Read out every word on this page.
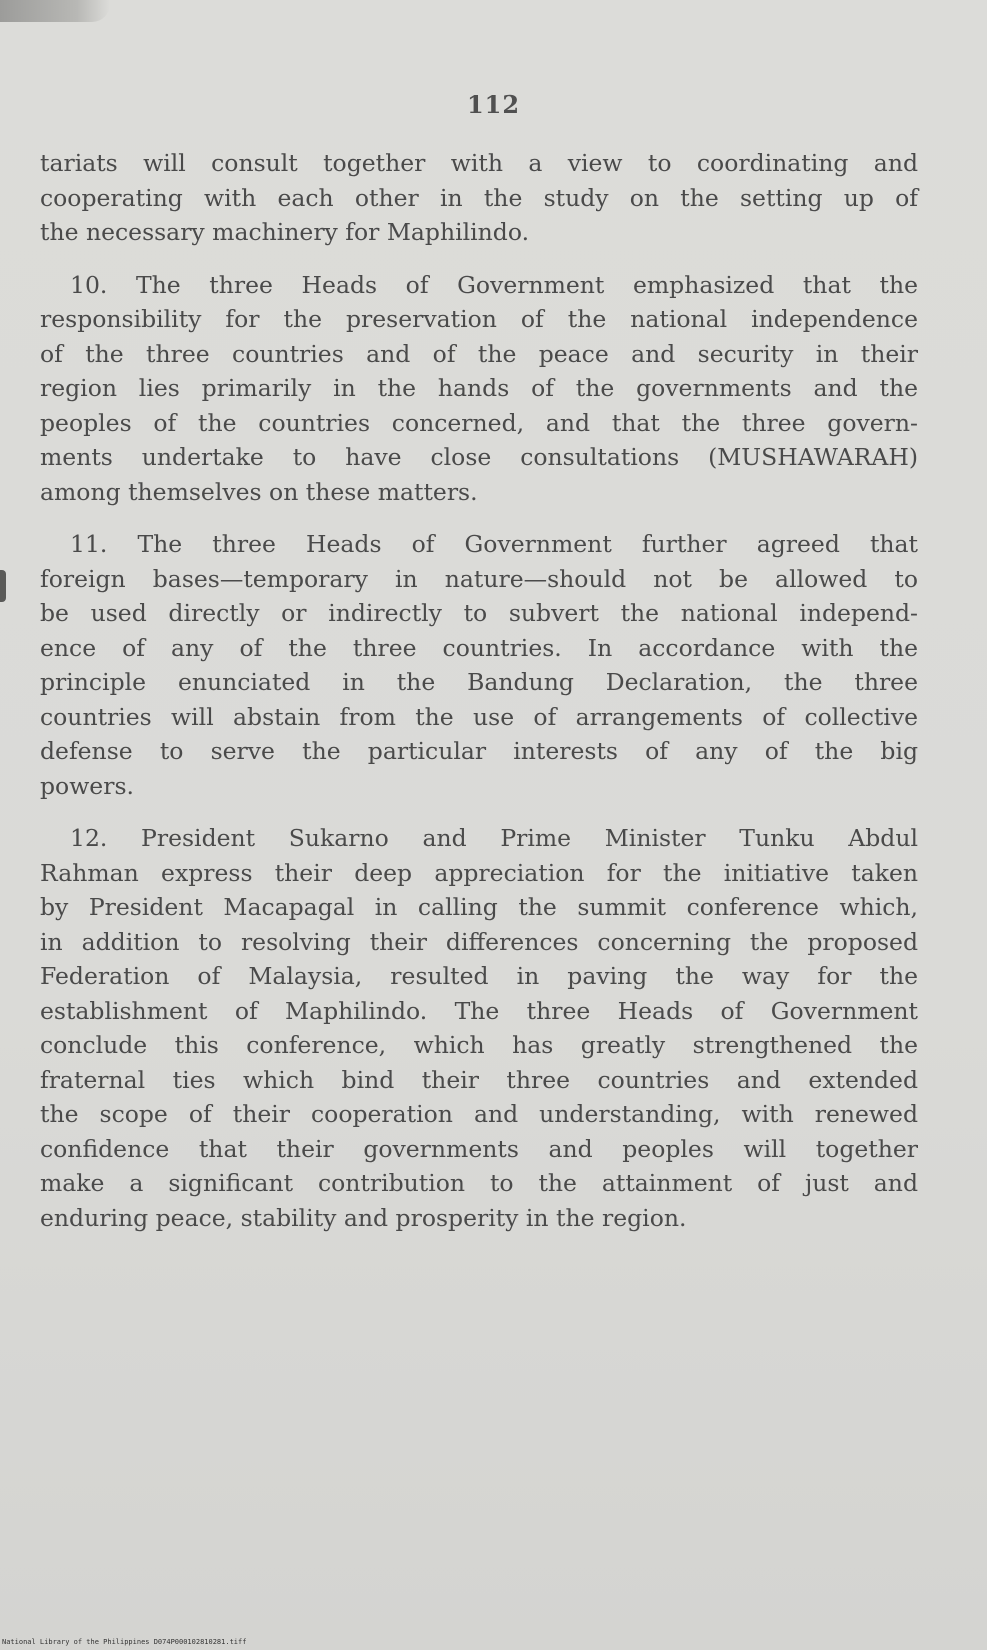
112

tariats will consult together with a view to coordinating and
cooperating with each other in the study on the setting up of
the necessary machinery for Maphilindo.

10. The three Heads of Government emphasized that the
responsibility for the preservation of the national independence
of the three countries and of the peace and security in their
region lies primarily in the hands of the governments and the
peoples of the countries concerned, and that the three govern-
ments undertake to have close consultations (MUSHAWARAH)
among themselves on these matters.

11. The three Heads of Government further agreed that
foreign bases—temporary in nature—should not be allowed to
be used directly or indirectly to subvert the national independ-
ence of any of the three countries. In accordance with the
principle enunciated in the Bandung Declaration, the three
countries will abstain from the use of arrangements of collective
defense to serve the particular interests of any of the big
powers.

12. President Sukarno and Prime Minister Tunku Abdul
Rahman express their deep appreciation for the initiative taken
by President Macapagal in calling the summit conference which,
in addition to resolving their differences concerning the proposed
Federation of Malaysia, resulted in paving the way for the
establishment of Maphilindo. The three Heads of Government
conclude this conference, which has greatly strengthened the
fraternal ties which bind their three countries and extended
the scope of their cooperation and understanding, with renewed
confidence that their governments and peoples will together
make a significant contribution to the attainment of just and
enduring peace, stability and prosperity in the region.

National Library of the Philippines D074P000102810281.tiff
